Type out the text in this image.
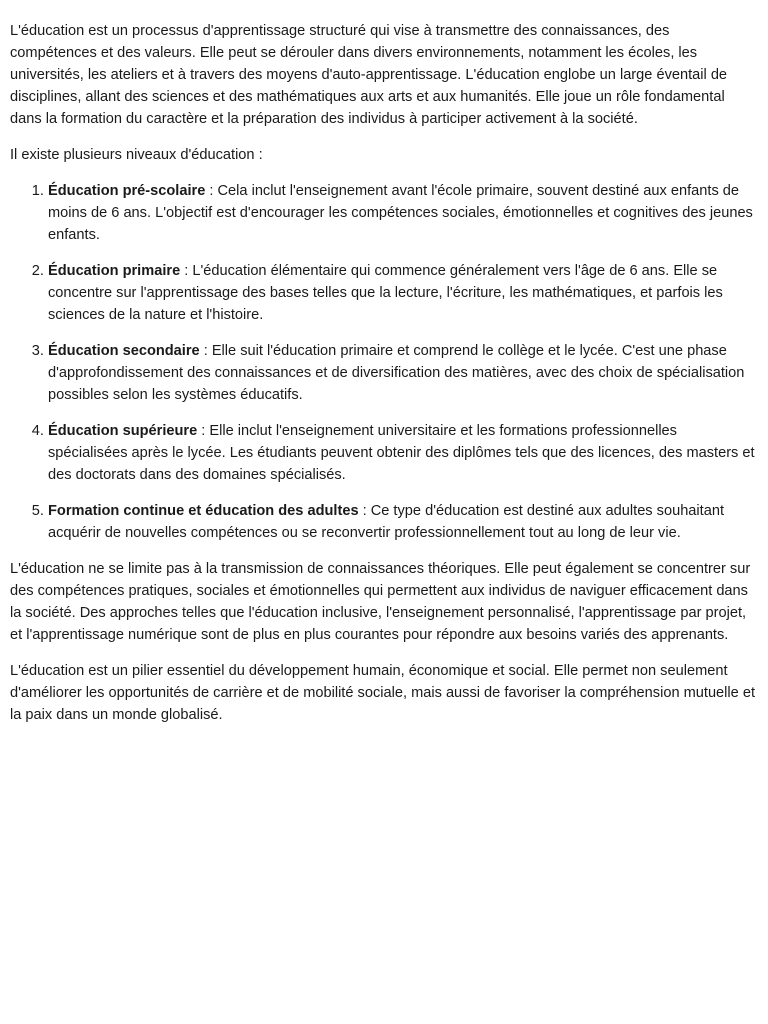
L'éducation est un processus d'apprentissage structuré qui vise à transmettre des connaissances, des compétences et des valeurs. Elle peut se dérouler dans divers environnements, notamment les écoles, les universités, les ateliers et à travers des moyens d'auto-apprentissage. L'éducation englobe un large éventail de disciplines, allant des sciences et des mathématiques aux arts et aux humanités. Elle joue un rôle fondamental dans la formation du caractère et la préparation des individus à participer activement à la société.

Il existe plusieurs niveaux d'éducation :

1. Éducation pré-scolaire : Cela inclut l'enseignement avant l'école primaire, souvent destiné aux enfants de moins de 6 ans. L'objectif est d'encourager les compétences sociales, émotionnelles et cognitives des jeunes enfants.
2. Éducation primaire : L'éducation élémentaire qui commence généralement vers l'âge de 6 ans. Elle se concentre sur l'apprentissage des bases telles que la lecture, l'écriture, les mathématiques, et parfois les sciences de la nature et l'histoire.
3. Éducation secondaire : Elle suit l'éducation primaire et comprend le collège et le lycée. C'est une phase d'approfondissement des connaissances et de diversification des matières, avec des choix de spécialisation possibles selon les systèmes éducatifs.
4. Éducation supérieure : Elle inclut l'enseignement universitaire et les formations professionnelles spécialisées après le lycée. Les étudiants peuvent obtenir des diplômes tels que des licences, des masters et des doctorats dans des domaines spécialisés.
5. Formation continue et éducation des adultes : Ce type d'éducation est destiné aux adultes souhaitant acquérir de nouvelles compétences ou se reconvertir professionnellement tout au long de leur vie.

L'éducation ne se limite pas à la transmission de connaissances théoriques. Elle peut également se concentrer sur des compétences pratiques, sociales et émotionnelles qui permettent aux individus de naviguer efficacement dans la société. Des approches telles que l'éducation inclusive, l'enseignement personnalisé, l'apprentissage par projet, et l'apprentissage numérique sont de plus en plus courantes pour répondre aux besoins variés des apprenants.

L'éducation est un pilier essentiel du développement humain, économique et social. Elle permet non seulement d'améliorer les opportunités de carrière et de mobilité sociale, mais aussi de favoriser la compréhension mutuelle et la paix dans un monde globalisé.
